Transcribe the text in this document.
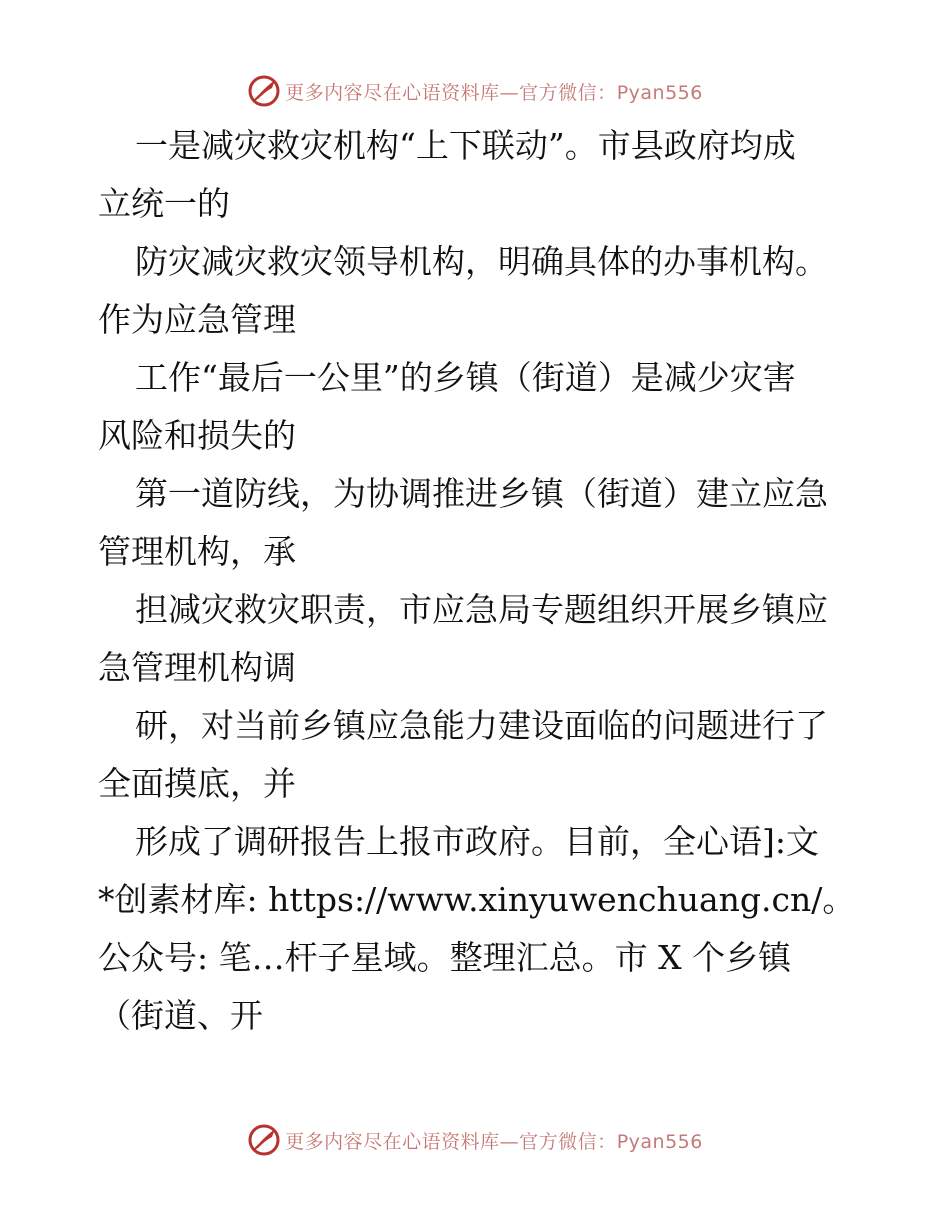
更多内容尽在心语资料库—官方微信：Pyan556
一是减灾救灾机构“上下联动”。市县政府均成
立统一的
防灾减灾救灾领导机构，明确具体的办事机构。
作为应急管理
工作“最后一公里”的乡镇（街道）是减少灾害
风险和损失的
第一道防线，为协调推进乡镇（街道）建立应急
管理机构，承
担减灾救灾职责，市应急局专题组织开展乡镇应
急管理机构调
研，对当前乡镇应急能力建设面临的问题进行了
全面摸底，并
形成了调研报告上报市政府。目前，全心语]:文
*创素材库: https://www.xinyuwenchuang.cn/。
公众号: 笔…杆子星域。整理汇总。市 X 个乡镇
（街道、开
更多内容尽在心语资料库—官方微信：Pyan556
